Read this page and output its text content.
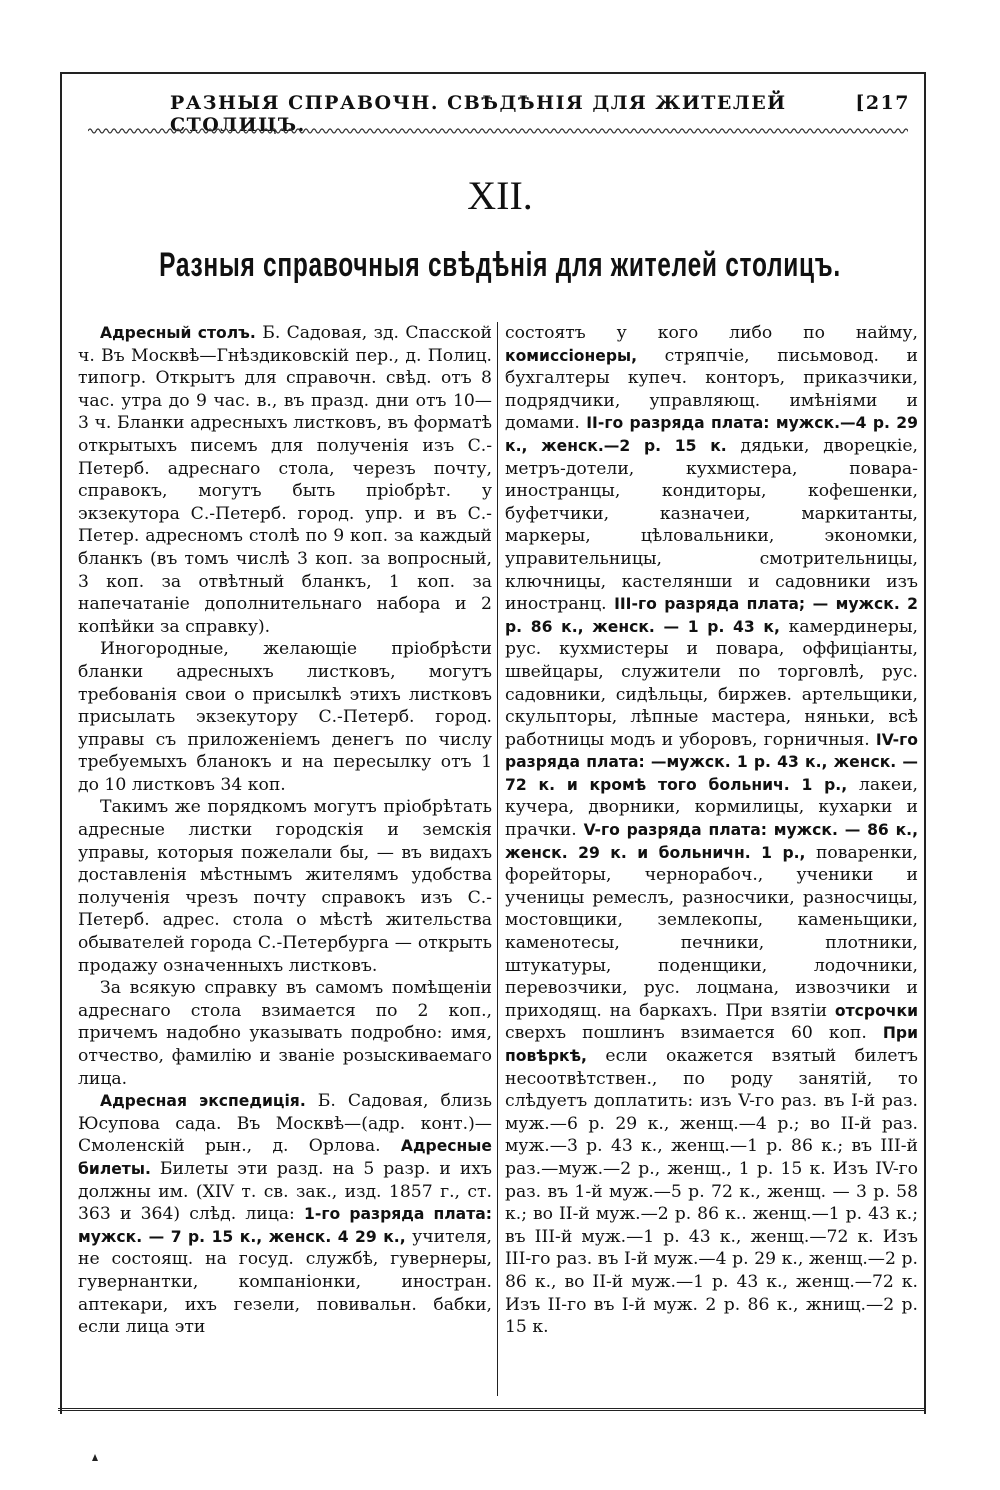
РАЗНЫЯ СПРАВОЧН. СВѢДѢНІЯ ДЛЯ ЖИТЕЛЕЙ СТОЛИЦЪ.
[217
XII.
Разныя справочныя свѣдѣнія для жителей столицъ.

Адресный столъ. Б. Садовая, зд. Спасской ч. Въ Москвѣ—Гнѣздиковскій пер., д. Полиц. типогр. Открытъ для справочн. свѣд. отъ 8 час. утра до 9 час. в., въ празд. дни отъ 10—3 ч. Бланки адресныхъ листковъ, въ форматѣ открытыхъ писемъ для полученія изъ С.-Петерб. адреснаго стола, черезъ почту, справокъ, могутъ быть пріобрѣт. у экзекутора С.-Петерб. город. упр. и въ С.-Петер. адресномъ столѣ по 9 коп. за каждый бланкъ (въ томъ числѣ 3 коп. за вопросный, 3 коп. за отвѣтный бланкъ, 1 коп. за напечатаніе дополнительнаго набора и 2 копѣйки за справку).

Иногородные, желающіе пріобрѣсти бланки адресныхъ листковъ, могутъ требованія свои о присылкѣ этихъ листковъ присылать экзекутору С.-Петерб. город. управы съ приложеніемъ денегъ по числу требуемыхъ бланокъ и на пересылку отъ 1 до 10 листковъ 34 коп.

Такимъ же порядкомъ могутъ пріобрѣтать адресные листки городскія и земскія управы, которыя пожелали бы, — въ видахъ доставленія мѣстнымъ жителямъ удобства полученія чрезъ почту справокъ изъ С.-Петерб. адрес. стола о мѣстѣ жительства обывателей города С.-Петербурга — открыть продажу означенныхъ листковъ.

За всякую справку въ самомъ помѣщеніи адреснаго стола взимается по 2 коп., причемъ надобно указывать подробно: имя, отчество, фамилію и званіе розыскиваемаго лица.

Адресная экспедиція. Б. Садовая, близь Юсупова сада. Въ Москвѣ—(адр. конт.)—Смоленскій рын., д. Орлова. Адресные билеты. Билеты эти разд. на 5 разр. и ихъ должны им. (XIV т. св. зак., изд. 1857 г., ст. 363 и 364) слѣд. лица: 1-го разряда плата: мужск. — 7 р. 15 к., женск. 4 29 к., учителя, не состоящ. на госуд. службѣ, гувернеры, гувернантки, компаніонки, иностран. аптекари, ихъ гезели, повивальн. бабки, если лица эти

состоятъ у кого либо по найму, комиссіонеры, стряпчіе, письмовод. и бухгалтеры купеч. конторъ, приказчики, подрядчики, управляющ. имѣніями и домами. II-го разряда плата: мужск.—4 р. 29 к., женск.—2 р. 15 к. дядьки, дворецкіе, метръ-дотели, кухмистера, повара-иностранцы, кондиторы, кофешенки, буфетчики, казначеи, маркитанты, маркеры, цѣловальники, экономки, управительницы, смотрительницы, ключницы, кастелянши и садовники изъ иностранц. III-го разряда плата; — мужск. 2 р. 86 к., женск. — 1 р. 43 к, камердинеры, рус. кухмистеры и повара, оффиціанты, швейцары, служители по торговлѣ, рус. садовники, сидѣльцы, биржев. артельщики, скульпторы, лѣпные мастера, няньки, всѣ работницы модъ и уборовъ, горничныя. IV-го разряда плата: —мужск. 1 р. 43 к., женск. — 72 к. и кромѣ того больнич. 1 р., лакеи, кучера, дворники, кормилицы, кухарки и прачки. V-го разряда плата: мужск. — 86 к., женск. 29 к. и больничн. 1 р., поваренки, форейторы, чернорабоч., ученики и ученицы ремеслъ, разносчики, разносчицы, мостовщики, землекопы, каменьщики, каменотесы, печники, плотники, штукатуры, поденщики, лодочники, перевозчики, рус. лоцмана, извозчики и приходящ. на баркахъ. При взятіи отсрочки сверхъ пошлинъ взимается 60 коп. При повѣркѣ, если окажется взятый билетъ несоотвѣтствен., по роду занятій, то слѣдуетъ доплатить: изъ V-го раз. въ I-й раз. муж.—6 р. 29 к., женщ.—4 р.; во II-й раз. муж.—3 р. 43 к., женщ.—1 р. 86 к.; въ III-й раз.—муж.—2 р., женщ., 1 р. 15 к. Изъ IV-го раз. въ 1-й муж.—5 р. 72 к., женщ. — 3 р. 58 к.; во II-й муж.—2 р. 86 к.. женщ.—1 р. 43 к.; въ III-й муж.—1 р. 43 к., женщ.—72 к. Изъ III-го раз. въ I-й муж.—4 р. 29 к., женщ.—2 р. 86 к., во II-й муж.—1 р. 43 к., женщ.—72 к. Изъ II-го въ I-й муж. 2 р. 86 к., жнищ.—2 р. 15 к.
